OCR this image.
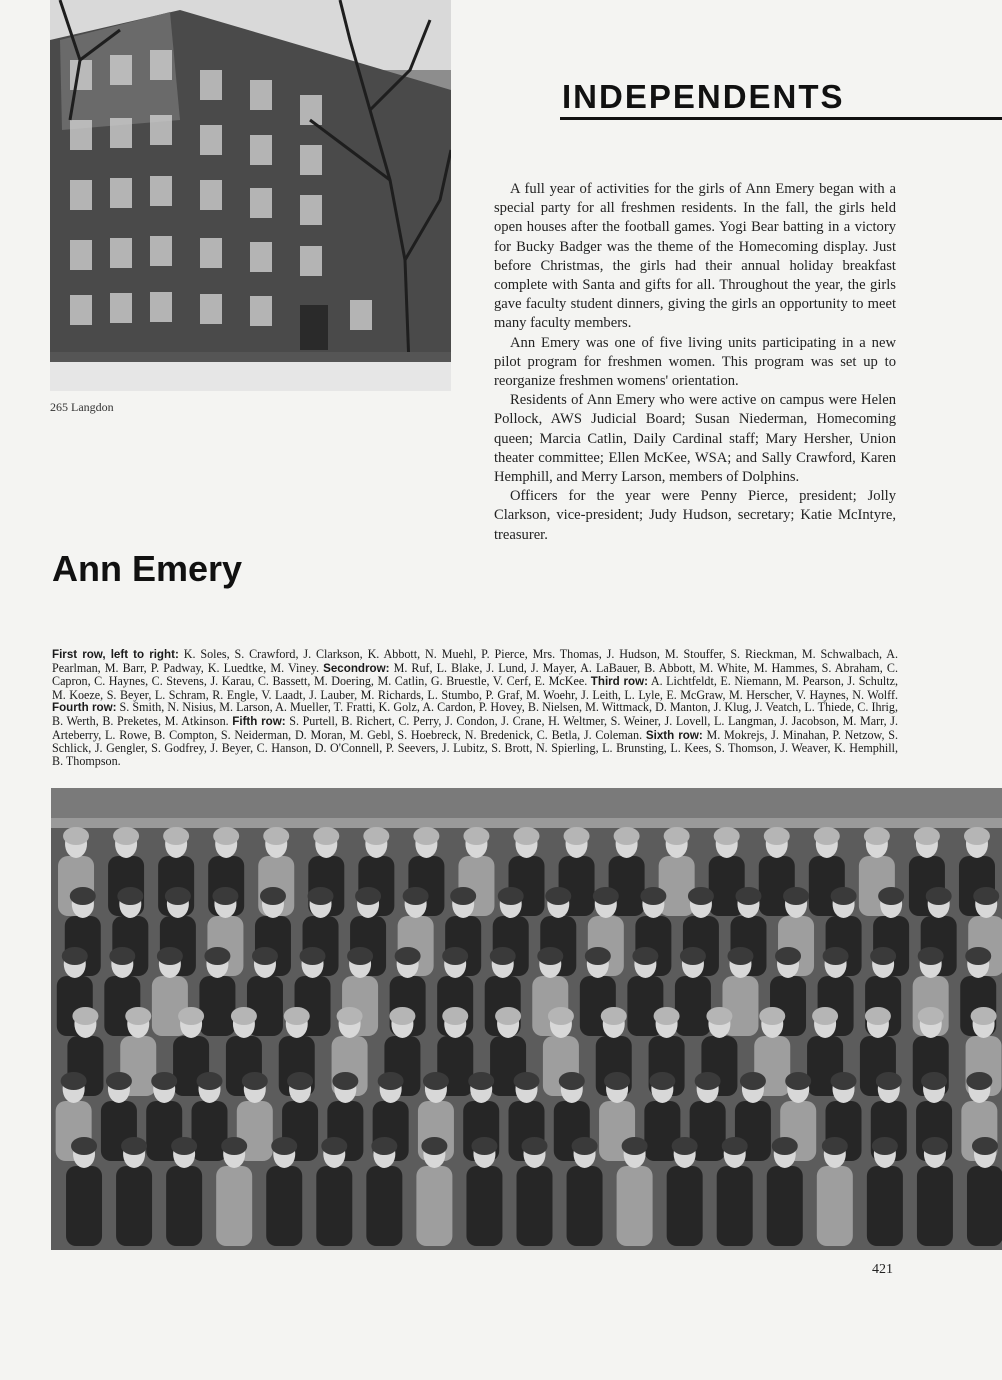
265 Langdon
INDEPENDENTS

A full year of activities for the girls of Ann Emery began with a special party for all freshmen residents. In the fall, the girls held open houses after the football games. Yogi Bear batting in a victory for Bucky Badger was the theme of the Homecoming display. Just before Christmas, the girls had their annual holiday breakfast complete with Santa and gifts for all. Throughout the year, the girls gave faculty student dinners, giving the girls an opportunity to meet many faculty members.

Ann Emery was one of five living units participating in a new pilot program for freshmen women. This program was set up to reorganize freshmen womens' orientation.

Residents of Ann Emery who were active on campus were Helen Pollock, AWS Judicial Board; Susan Niederman, Homecoming queen; Marcia Catlin, Daily Cardinal staff; Mary Hersher, Union theater committee; Ellen McKee, WSA; and Sally Crawford, Karen Hemphill, and Merry Larson, members of Dolphins.

Officers for the year were Penny Pierce, president; Jolly Clarkson, vice-president; Judy Hudson, secretary; Katie McIntyre, treasurer.

Ann Emery
First row, left to right: K. Soles, S. Crawford, J. Clarkson, K. Abbott, N. Muehl, P. Pierce, Mrs. Thomas, J. Hudson, M. Stouffer, S. Rieckman, M. Schwalbach, A. Pearlman, M. Barr, P. Padway, K. Luedtke, M. Viney. Secondrow: M. Ruf, L. Blake, J. Lund, J. Mayer, A. LaBauer, B. Abbott, M. White, M. Hammes, S. Abraham, C. Capron, C. Haynes, C. Stevens, J. Karau, C. Bassett, M. Doering, M. Catlin, G. Bruestle, V. Cerf, E. McKee. Third row: A. Lichtfeldt, E. Niemann, M. Pearson, J. Schultz, M. Koeze, S. Beyer, L. Schram, R. Engle, V. Laadt, J. Lauber, M. Richards, L. Stumbo, P. Graf, M. Woehr, J. Leith, L. Lyle, E. McGraw, M. Herscher, V. Haynes, N. Wolff. Fourth row: S. Smith, N. Nisius, M. Larson, A. Mueller, T. Fratti, K. Golz, A. Cardon, P. Hovey, B. Nielsen, M. Wittmack, D. Manton, J. Klug, J. Veatch, L. Thiede, C. Ihrig, B. Werth, B. Preketes, M. Atkinson. Fifth row: S. Purtell, B. Richert, C. Perry, J. Condon, J. Crane, H. Weltmer, S. Weiner, J. Lovell, L. Langman, J. Jacobson, M. Marr, J. Arteberry, L. Rowe, B. Compton, S. Neiderman, D. Moran, M. Gebl, S. Hoebreck, N. Bredenick, C. Betla, J. Coleman. Sixth row: M. Mokrejs, J. Minahan, P. Netzow, S. Schlick, J. Gengler, S. Godfrey, J. Beyer, C. Hanson, D. O'Connell, P. Seevers, J. Lubitz, S. Brott, N. Spierling, L. Brunsting, L. Kees, S. Thomson, J. Weaver, K. Hemphill, B. Thompson.
421
